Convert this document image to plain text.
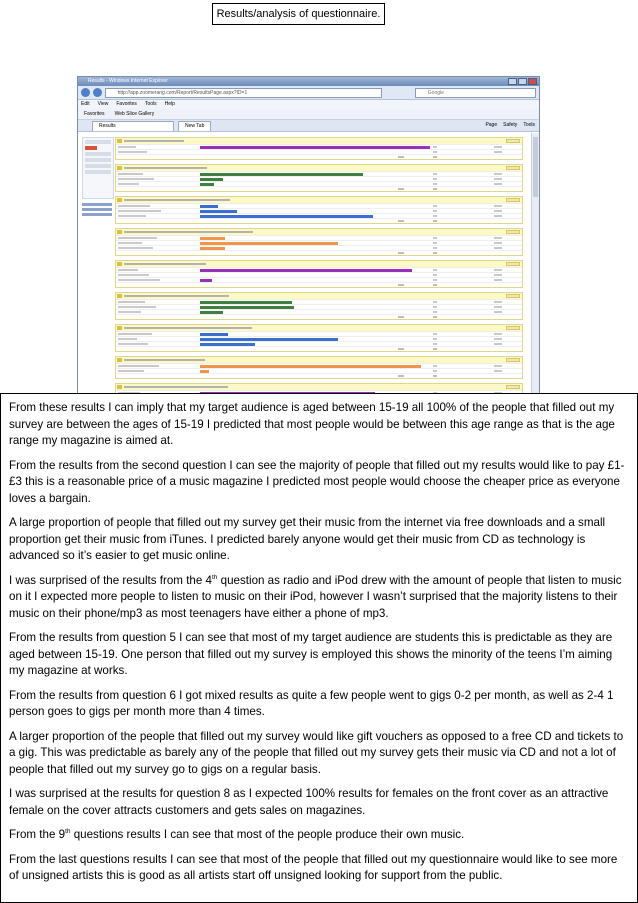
Results/analysis of questionnaire.
Results - Windows Internet Explorer
http://app.zoomerang.com/Report/ResultsPage.aspx?ID=1	Google
Edit View Favorites Tools Help
Favorites Web Slice Gallery
Results	New Tab	Page Safety Tools

From these results I can imply that my target audience is aged between 15-19 all 100% of the people that filled out my survey are between the ages of 15-19 I predicted that most people would be between this age range as that is the age range my magazine is aimed at.

From the results from the second question I can see the majority of people that filled out my results would like to pay £1-£3 this is a reasonable price of a music magazine I predicted most people would choose the cheaper price as everyone loves a bargain.

A large proportion of people that filled out my survey get their music from the internet via free downloads and a small proportion get their music from iTunes. I predicted barely anyone would get their music from CD as technology is advanced so it’s easier to get music online.

I was surprised of the results from the 4th question as radio and iPod drew with the amount of people that listen to music on it I expected more people to listen to music on their iPod, however I wasn’t surprised that the majority listens to their music on their phone/mp3 as most teenagers have either a phone of mp3.

From the results from question 5 I can see that most of my target audience are students this is predictable as they are aged between 15-19. One person that filled out my survey is employed this shows the minority of the teens I’m aiming my magazine at works.

From the results from question 6 I got mixed results as quite a few people went to gigs 0-2 per month, as well as 2-4 1 person goes to gigs per month more than 4 times.

A larger proportion of the people that filled out my survey would like gift vouchers as opposed to a free CD and tickets to a gig. This was predictable as barely any of the people that filled out my survey gets their music via CD and not a lot of people that filled out my survey go to gigs on a regular basis.

I was surprised at the results for question 8 as I expected 100% results for females on the front cover as an attractive female on the cover attracts customers and gets sales on magazines.

From the 9th questions results I can see that most of the people produce their own music.

From the last questions results I can see that most of the people that filled out my questionnaire would like to see more of unsigned artists this is good as all artists start off unsigned looking for support from the public.
